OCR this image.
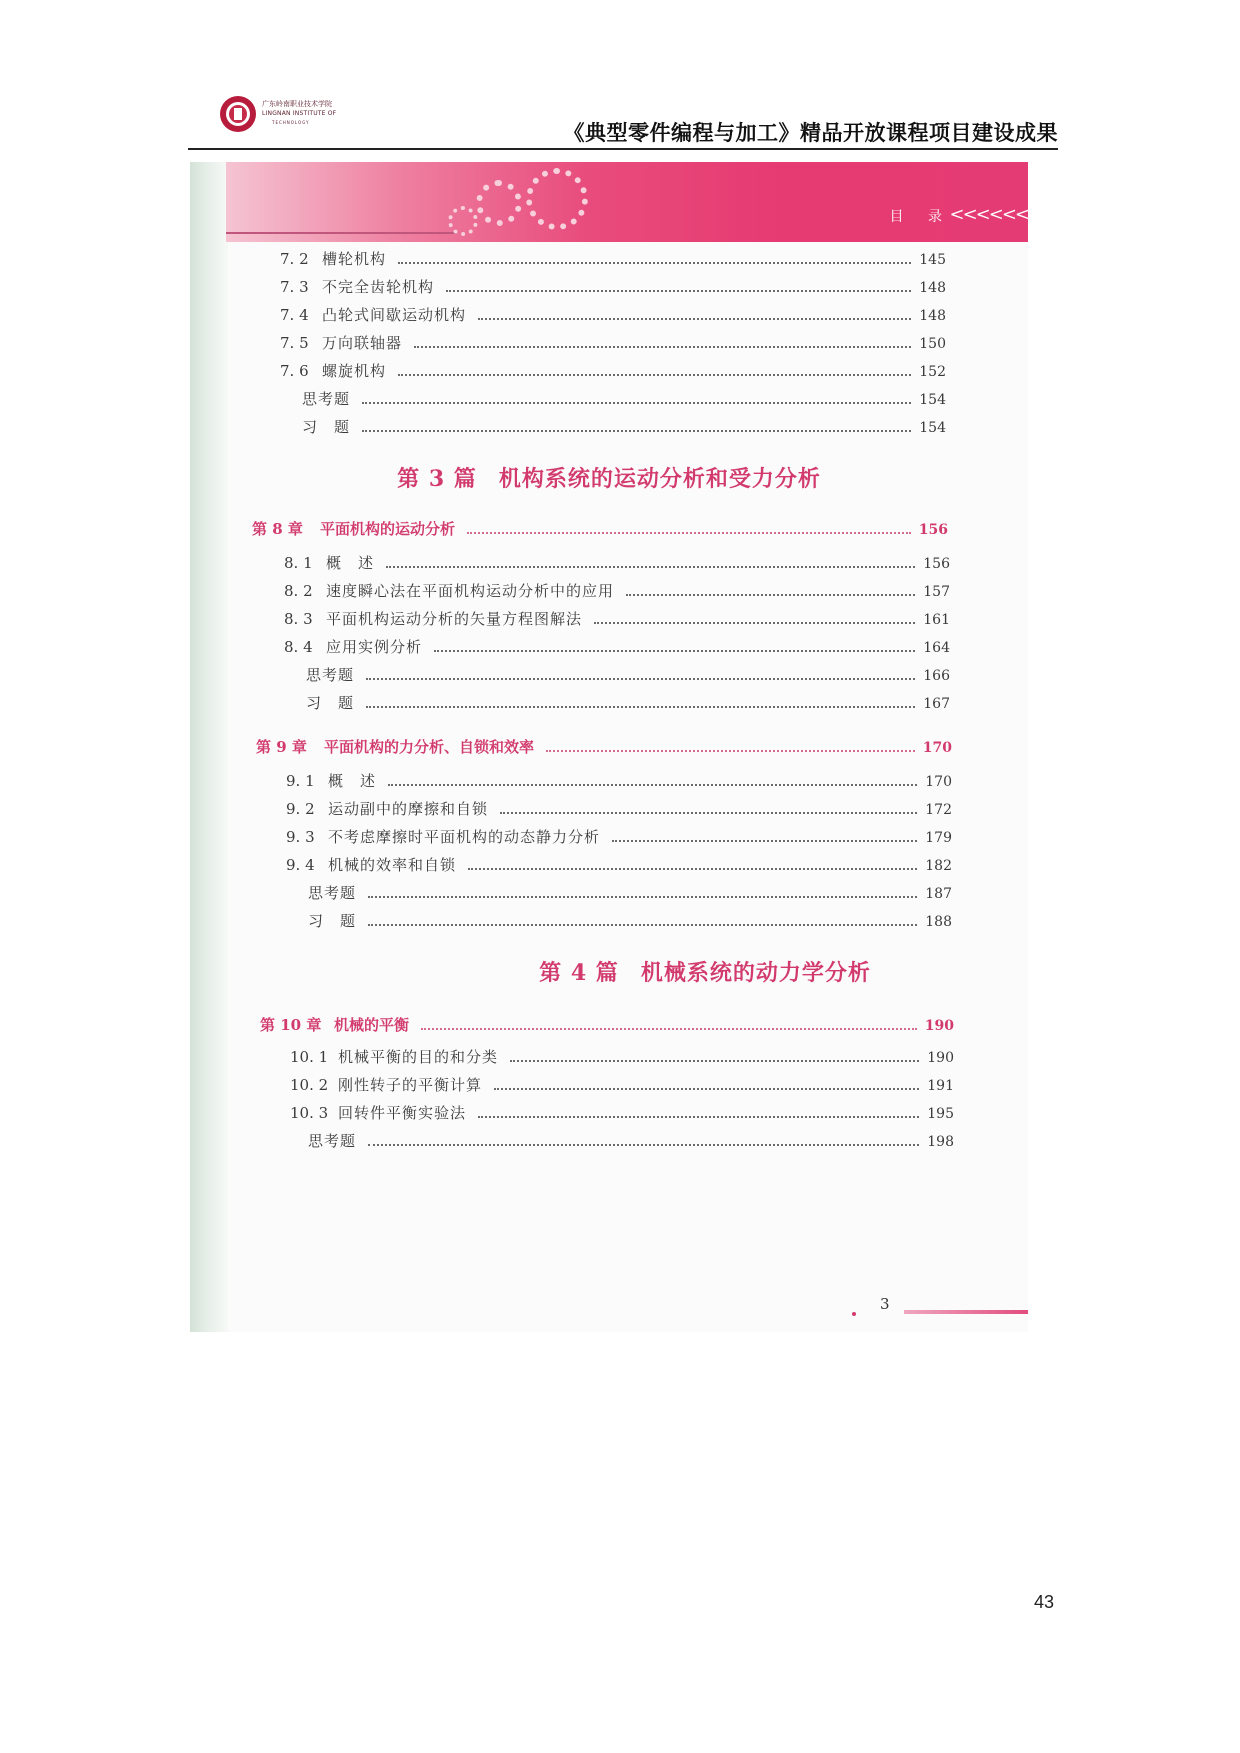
广东岭南职业技术学院
LINGNAN INSTITUTE OF
TECHNOLOGY	《典型零件编程与加工》精品开放课程项目建设成果
目 录
<<<<<<
7. 2 槽轮机构	145
7. 3 不完全齿轮机构	148
7. 4 凸轮式间歇运动机构	148
7. 5 万向联轴器	150
7. 6 螺旋机构	152
思考题	154
习　题	154
第 3 篇 机构系统的运动分析和受力分析
第 8 章	平面机构的运动分析	156
8. 1 概　述	156
8. 2 速度瞬心法在平面机构运动分析中的应用	157
8. 3 平面机构运动分析的矢量方程图解法	161
8. 4 应用实例分析	164
思考题	166
习　题	167
第 9 章	平面机构的力分析、自锁和效率	170
9. 1 概　述	170
9. 2 运动副中的摩擦和自锁	172
9. 3 不考虑摩擦时平面机构的动态静力分析	179
9. 4 机械的效率和自锁	182
思考题	187
习　题	188
第 4 篇 机械系统的动力学分析
第 10 章 机械的平衡	190
10. 1 机械平衡的目的和分类	190
10. 2 刚性转子的平衡计算	191
10. 3 回转件平衡实验法	195
思考题	198
3
43
